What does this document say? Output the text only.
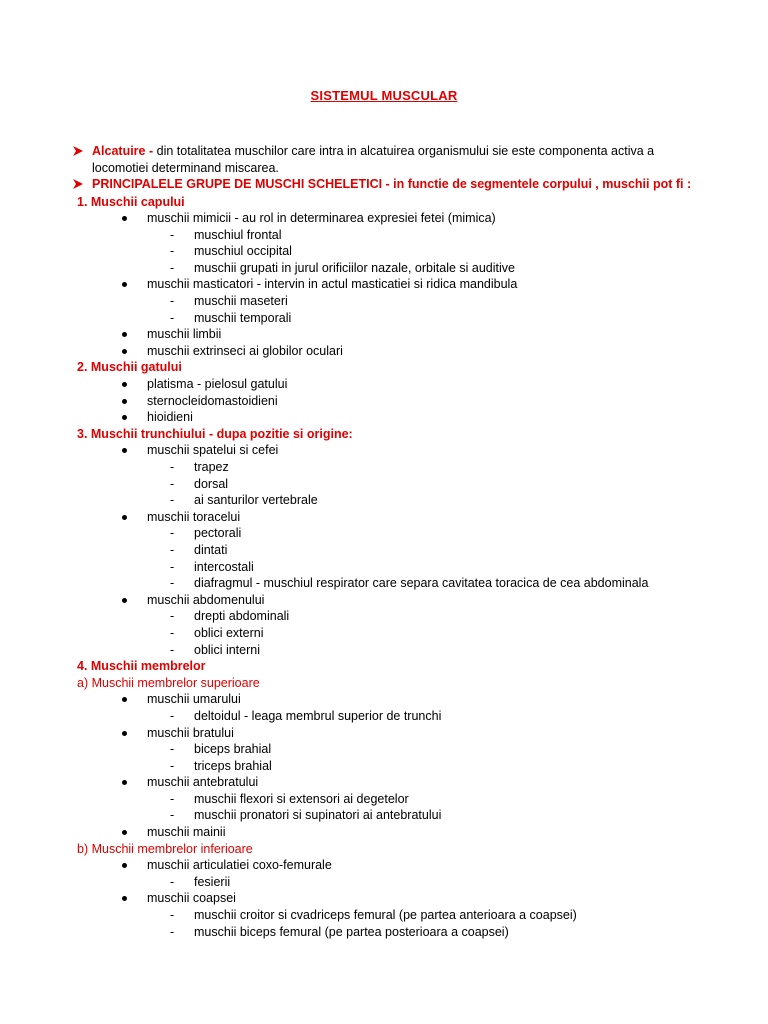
SISTEMUL MUSCULAR
Alcatuire - din totalitatea muschilor care intra in alcatuirea organismului sie este componenta activa a locomotiei determinand miscarea.
PRINCIPALELE GRUPE DE MUSCHI SCHELETICI - in functie de segmentele corpului , muschii pot fi :
1. Muschii capului
muschii mimicii - au rol in determinarea expresiei fetei (mimica)
- muschiul frontal
- muschiul occipital
- muschii grupati in jurul orificiilor nazale, orbitale si auditive
muschii masticatori - intervin in actul masticatiei si ridica mandibula
- muschii maseteri
- muschii temporali
muschii limbii
muschii extrinseci ai globilor oculari
2. Muschii gatului
platisma - pielosul gatului
sternocleidomastoidieni
hioidieni
3. Muschii trunchiului - dupa pozitie si origine:
muschii spatelui si cefei
- trapez
- dorsal
- ai santurilor vertebrale
muschii toracelui
- pectorali
- dintati
- intercostali
- diafragmul - muschiul respirator care separa cavitatea toracica de cea abdominala
muschii abdomenului
- drepti abdominali
- oblici externi
- oblici interni
4. Muschii membrelor
a) Muschii membrelor superioare
muschii umarului
- deltoidul - leaga membrul superior de trunchi
muschii bratului
- biceps brahial
- triceps brahial
muschii antebratului
- muschii flexori si extensori ai degetelor
- muschii pronatori si supinatori ai antebratului
muschii mainii
b) Muschii membrelor inferioare
muschii articulatiei coxo-femurale
- fesierii
muschii coapsei
- muschii croitor si cvadriceps femural (pe partea anterioara a coapsei)
- muschii biceps femural (pe partea posterioara a coapsei)
